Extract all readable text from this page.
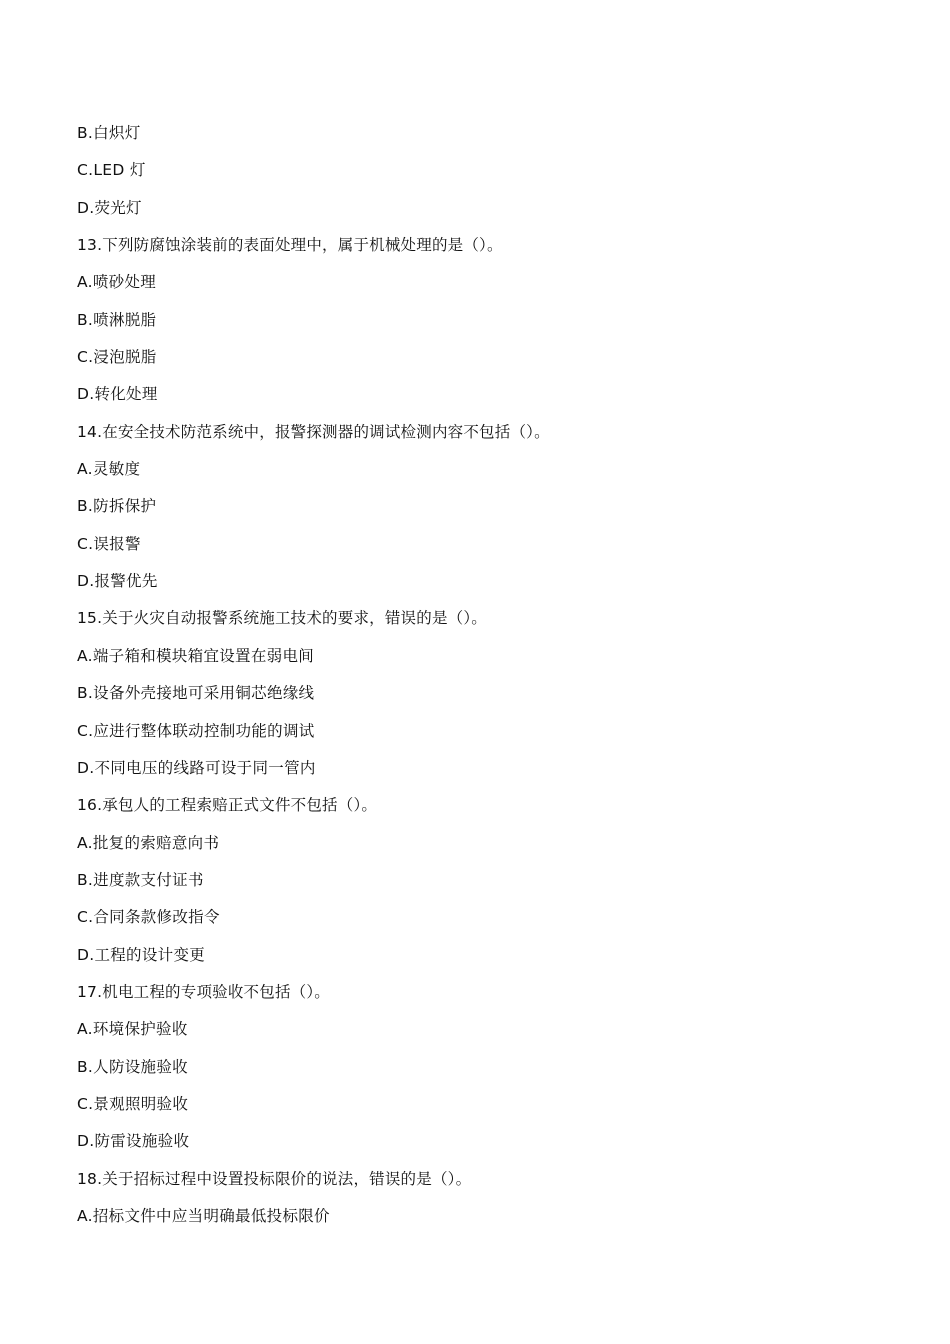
B.白炽灯
C.LED 灯
D.荧光灯
13.下列防腐蚀涂装前的表面处理中，属于机械处理的是（）。
A.喷砂处理
B.喷淋脱脂
C.浸泡脱脂
D.转化处理
14.在安全技术防范系统中，报警探测器的调试检测内容不包括（）。
A.灵敏度
B.防拆保护
C.误报警
D.报警优先
15.关于火灾自动报警系统施工技术的要求，错误的是（）。
A.端子箱和模块箱宜设置在弱电间
B.设备外壳接地可采用铜芯绝缘线
C.应进行整体联动控制功能的调试
D.不同电压的线路可设于同一管内
16.承包人的工程索赔正式文件不包括（）。
A.批复的索赔意向书
B.进度款支付证书
C.合同条款修改指令
D.工程的设计变更
17.机电工程的专项验收不包括（）。
A.环境保护验收
B.人防设施验收
C.景观照明验收
D.防雷设施验收
18.关于招标过程中设置投标限价的说法，错误的是（）。
A.招标文件中应当明确最低投标限价
